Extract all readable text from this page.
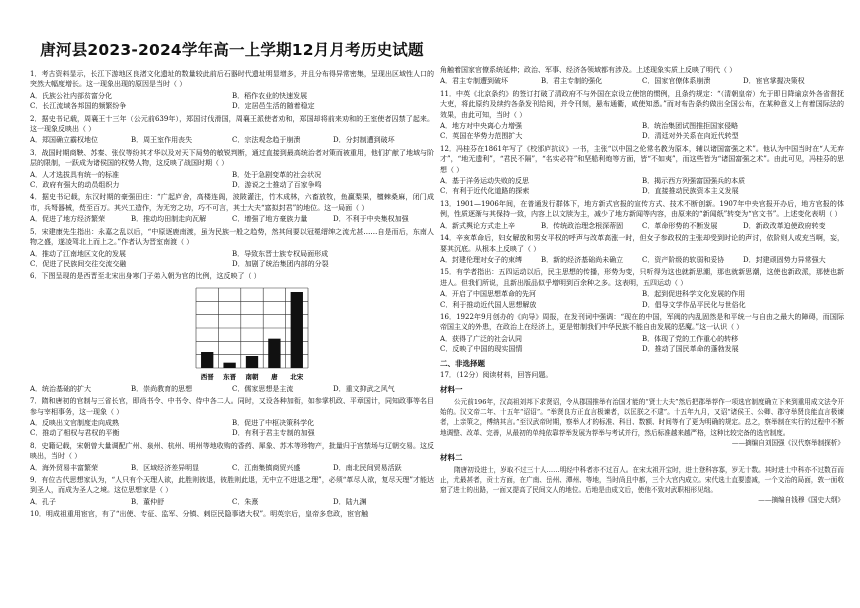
唐河县2023-2024学年高一上学期12月月考历史试题

1．考古资料显示，长江下游地区良渚文化遗址的数量较此前后石器时代遗址明显增多，并且分布得异常密集，呈现出区域性人口的突然大幅度增长。这一现象出现的原因是当时（ ）

A．氏族公社内部贫富分化	B．稻作农业的快速发展
C．长江流域各邦国的频繁纷争	D．定居邑生活的随着稳定

2．据史书记载，周襄王十三年（公元前639年），郑国讨伐滑国，周襄王派使者劝和，郑国却将前来劝和的王室使者囚禁了起来。这一现象反映出（ ）

A．郑国确立霸权地位	B．周王室作用丧失	C．宗法观念趋于崩溃	D．分封制遭到破坏

3．战国时期商鞅、苏秦、张仪等纷其才华以及对天下局势的敏锐判断，通过直接到最高统治者对策而被重用，他们扩献了地域与阶层的限制，一跃成为诸侯国的权势人物，这反映了战国时期（ ）

A．人才选拔具有统一的标准	B．处于急剧变革的社会状况
C．政府有强大的动员组织力	D．游说之士推动了百家争鸣

4．据史书记载，东汉时期的豪强田庄：“广起庐舍，高楼连阁，波陂灌注，竹木成林，六畜放牧，鱼赢梨果，檀棘桑麻，闭门成市，兵弩器械，赀至百万。其兴工造作，为无穷之功，巧不可言，其士大夫“富拟封君”的地位。这一局面（ ）

A．促进了地方经济繁荣	B．推动均田制走向瓦解	C．增强了地方豪族力量	D．不利于中央集权加强

5．宋建康先生指出：永嘉之乱以后，“中原逐鹿南渡，虽为民族一般之趋势，然其间要以冠冕缙绅之流尤甚……自是而后，东南人物之盛，遂凌驾北上而上之。”作者认为晋室南渡（ ）

A．推动了江南地区文化的发展	B．导致东晋士族专权局面形成
C．促进了民族间交往交流交融	D．加剧了统治集团内部的分裂

6．下图呈现的是西晋至北宋出身寒门子弟入朝为官的比例，这反映了（ ）

西晋 东晋 南朝 唐 北宋
A．统治基础的扩大	B．崇尚教育的思想	C．儒家思想是主流	D．重文抑武之风气

7．隋和唐初的官制与三省长官，即尚书令、中书令、侍中各二人。同时，又设各种加衔，如参掌机政、平章国计，同知政事等名目参与宰相事务，这一现象（ ）

A．反映出文官制度走向成熟	B．促进了中枢决策科学化
C．推动了相权与君权的平衡	D．有利于君主专制的加强

8．史籍记载，宋朝曾大量调配广州、泉州、杭州、明州等地收购的香药、犀象、苏木等珍物产，批量归于宫禁场与辽朝交易。这反映出，当时（ ）

A．海外贸易丰富繁荣	B．区域经济差异明显	C．江南集镇商贸兴盛	D．南北民间贸易活跃

9．有位古代思想家认为，“人只有个天理人欲，此胜则彼退，彼胜则此退，无中立不进退之理”，必须“革尽人欲，复尽天理”才能达到圣人，而成为圣人之境。这位思想家是（ ）

A．孔子	B．董仲舒	C．朱熹	D．陆九渊

10．明成祖重用宦官，有了“出使、专征、监军、分镇、刺臣民隐事诸大权”。明英宗后，皇帝多怠政，宦官触

角触着国家官僚系统延伸；政治、军事、经济各领域都有涉及。上述现象实质上反映了明代（ ）

A．君主专制遭到破坏	B．君主专制的强化	C．国家官僚体系崩溃	D．宦官掌握决策权

11．中英《北京条约》的签订打破了清政府不与外国在京设立使馆的惯例，且条约规定：“（清朝皇帝）允于即日降谕京外各省督抚大吏，将此原约及续约各条发刊给阅，并令刊刻，悬布通衢，咸使知悉。”而对布告条约做出全国公布，在某种意义上有着国际法的效果，由此可知，当时（ ）

A．地方对中央离心力增强	B．统治集团试图推拒国家侵略
C．英国在华势力范围扩大	D．清廷对外关系在向近代转型

12．冯桂芬在1861年写了《校邠庐抗议》一书，主张“以中国之伦常名教为原本，辅以诸国富强之术”。他认为中国当时在“人无弃才”，“地无遗利”，“君民不隔”，“名实必符”和坚船利炮等方面，皆“不如夷”，而这些皆为“诸国富强之术”。由此可见，冯桂芬的思想（ ）

A．基于洋务运动失败的反思	B．揭示西方列强富国强兵的本质
C．有利于近代化道路的探索	D．直接推动民族资本主义发展

13．1901—1906年间，在普通发行群体下，地方新式官报的宣传方式、技术不断创新。1907年中央官报开办后，地方官报的体例，性质逐渐与其保持一致，内容上以文牍为主，减少了地方新闻等内容，由原来的“新闻纸”转变为“官文书”。上述变化表明（ ）

A．新式舆论方式走上辛	B．传统政治理念根深蒂固	C．革命形势的不断发展	D．新政改革迫使政府转变

14．辛亥革命后，妇女解放和男女平权的呼声与改革高涨一时，但女子参政权的主张却受到时论的声讨，依阶则人或充当啊，妄，要其沉底。从根本上反映了（ ）

A．封建伦理对女子的束缚	B．新的经济基础尚未确立	C．资产阶级的软弱和妥协	D．封建顽固势力异常强大

15．有学者指出：五四运动以后，民主思想的传播，形势为变，只听得为这也就新思潮，那也就新思潮，这使也新政派，那使也新进人。但我们所说，且新出版品似乎增明到百余种之多。这表明，五四运动（ ）

A．开启了中国思想革命的先河	B．起到促进科学文化发展的作用
C．利于推动近代国人思想解放	D．倡导文学作品平民化与世俗化

16．1922年9月创办的《向导》周报，在发刊词中强调：“现在的中国，军阀的内乱固然是和平统一与自由之最大的障碍，而国际帝国主义的外患，在政治上在经济上，更是钳制我们中华民族不能自由发展的恶魔。”这一认识（ ）

A．获得了广泛的社会认同	B．体现了党的工作重心的转移
C．反映了中国的现实国情	D．推动了国民革命的蓬勃发展
二、非选择题

17．（12分）阅读材料，回答问题。

材料一

公元前196年，汉高祖刘邦下求贤诏，令从郡国推举有治国才能的“贤士大夫”然后把郡举荐作一项选官制度确立下来到重用成文法令开始的。汉文帝二年、十五年“诏诏”。“举贤良方正直言极谏者，以匡朕之不逮”。十五年九月，又诏“诸侯王、公卿、郡守举贤良能直言极谏者，上亲策之，傅纳其言。”至汉武帝时期，察举人才的标准、科目、数额、时间等有了更为明确的规定。总之，察举制在实行的过程中不断地调整、改革、完善，从最初的单纯依靠荐举发展为荐举与考试并行，然后标准越来越严格，这种比较完备的选官制度。

——摘编自刘国强《汉代察举制探析》
材料二

隋唐初设进士，岁取不过三十人……明经中科者亦不过百人。在宋太祖开宝时，进士登科容寡，岁无十数。其时进士中科亦不过数百而止，尤最甚者，贡士方面，在广南、岳州、潭州、等地，当时尚且中都，三个大官内成立。宋代选士直要遗减，一个文治的局面，敦一面收窟了进士的出路，一面又提高了民间文人的地位。后地是由成文后，使他不致对武职相形见绌。

——摘编自钱穆《国史大纲》
